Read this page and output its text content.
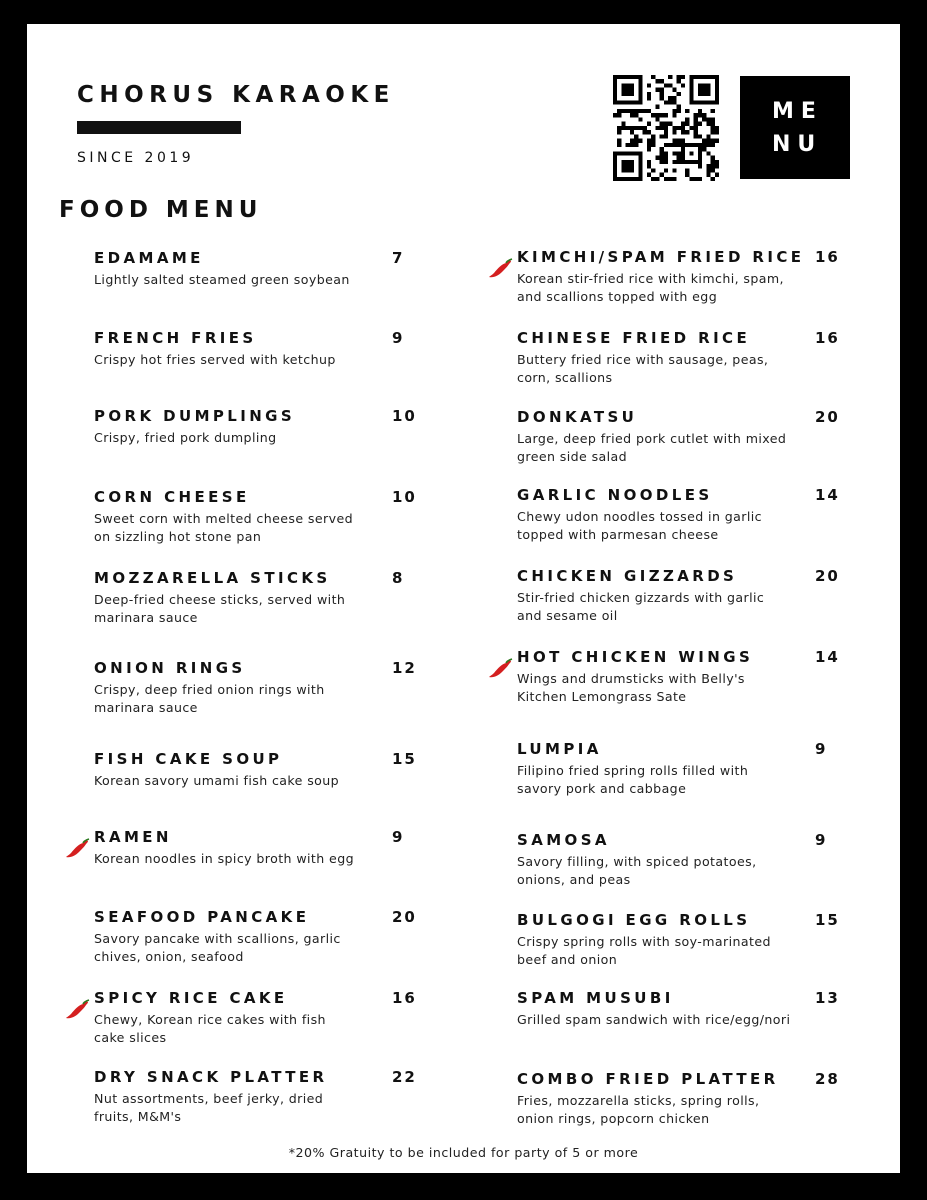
CHORUS KARAOKE
SINCE 2019
ME
NU
FOOD MENU
EDAMAME	7
Lightly salted steamed green soybean
FRENCH FRIES	9
Crispy hot fries served with ketchup
PORK DUMPLINGS	10
Crispy, fried pork dumpling
CORN CHEESE	10
Sweet corn with melted cheese served on sizzling hot stone pan
MOZZARELLA STICKS	8
Deep-fried cheese sticks, served with marinara sauce
ONION RINGS	12
Crispy, deep fried onion rings with marinara sauce
FISH CAKE SOUP	15
Korean savory umami fish cake soup
RAMEN	9
Korean noodles in spicy broth with egg
SEAFOOD PANCAKE	20
Savory pancake with scallions, garlic chives, onion, seafood
SPICY RICE CAKE	16
Chewy, Korean rice cakes with fish cake slices
DRY SNACK PLATTER	22
Nut assortments, beef jerky, dried fruits, M&M's
KIMCHI/SPAM FRIED RICE 16
Korean stir-fried rice with kimchi, spam, and scallions topped with egg
CHINESE FRIED RICE	16
Buttery fried rice with sausage, peas, corn, scallions
DONKATSU	20
Large, deep fried pork cutlet with mixed green side salad
GARLIC NOODLES	14
Chewy udon noodles tossed in garlic topped with parmesan cheese
CHICKEN GIZZARDS	20
Stir-fried chicken gizzards with garlic and sesame oil
HOT CHICKEN WINGS	14
Wings and drumsticks with Belly's Kitchen Lemongrass Sate
LUMPIA	9
Filipino fried spring rolls filled with savory pork and cabbage
SAMOSA	9
Savory filling, with spiced potatoes, onions, and peas
BULGOGI EGG ROLLS	15
Crispy spring rolls with soy-marinated beef and onion
SPAM MUSUBI	13
Grilled spam sandwich with rice/egg/nori
COMBO FRIED PLATTER 28
Fries, mozzarella sticks, spring rolls, onion rings, popcorn chicken
*20% Gratuity to be included for party of 5 or more
